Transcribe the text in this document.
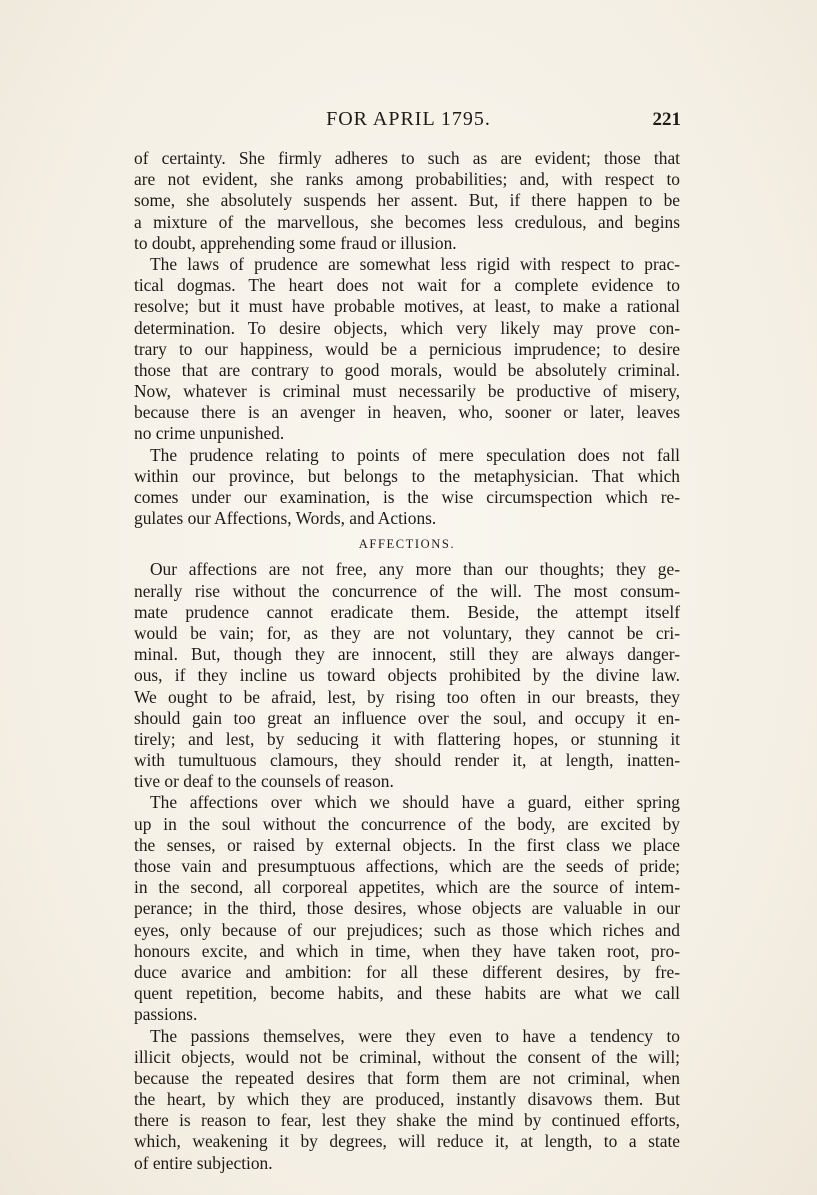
FOR APRIL 1795.	221
of certainty. She firmly adheres to such as are evident; those that
are not evident, she ranks among probabilities; and, with respect to
some, she absolutely suspends her assent. But, if there happen to be
a mixture of the marvellous, she becomes less credulous, and begins
to doubt, apprehending some fraud or illusion.
The laws of prudence are somewhat less rigid with respect to prac-
tical dogmas. The heart does not wait for a complete evidence to
resolve; but it must have probable motives, at least, to make a rational
determination. To desire objects, which very likely may prove con-
trary to our happiness, would be a pernicious imprudence; to desire
those that are contrary to good morals, would be absolutely criminal.
Now, whatever is criminal must necessarily be productive of misery,
because there is an avenger in heaven, who, sooner or later, leaves
no crime unpunished.
The prudence relating to points of mere speculation does not fall
within our province, but belongs to the metaphysician. That which
comes under our examination, is the wise circumspection which re-
gulates our Affections, Words, and Actions.
AFFECTIONS.
Our affections are not free, any more than our thoughts; they ge-
nerally rise without the concurrence of the will. The most consum-
mate prudence cannot eradicate them. Beside, the attempt itself
would be vain; for, as they are not voluntary, they cannot be cri-
minal. But, though they are innocent, still they are always danger-
ous, if they incline us toward objects prohibited by the divine law.
We ought to be afraid, lest, by rising too often in our breasts, they
should gain too great an influence over the soul, and occupy it en-
tirely; and lest, by seducing it with flattering hopes, or stunning it
with tumultuous clamours, they should render it, at length, inatten-
tive or deaf to the counsels of reason.
The affections over which we should have a guard, either spring
up in the soul without the concurrence of the body, are excited by
the senses, or raised by external objects. In the first class we place
those vain and presumptuous affections, which are the seeds of pride;
in the second, all corporeal appetites, which are the source of intem-
perance; in the third, those desires, whose objects are valuable in our
eyes, only because of our prejudices; such as those which riches and
honours excite, and which in time, when they have taken root, pro-
duce avarice and ambition: for all these different desires, by fre-
quent repetition, become habits, and these habits are what we call
passions.
The passions themselves, were they even to have a tendency to
illicit objects, would not be criminal, without the consent of the will;
because the repeated desires that form them are not criminal, when
the heart, by which they are produced, instantly disavows them. But
there is reason to fear, lest they shake the mind by continued efforts,
which, weakening it by degrees, will reduce it, at length, to a state
of entire subjection.
